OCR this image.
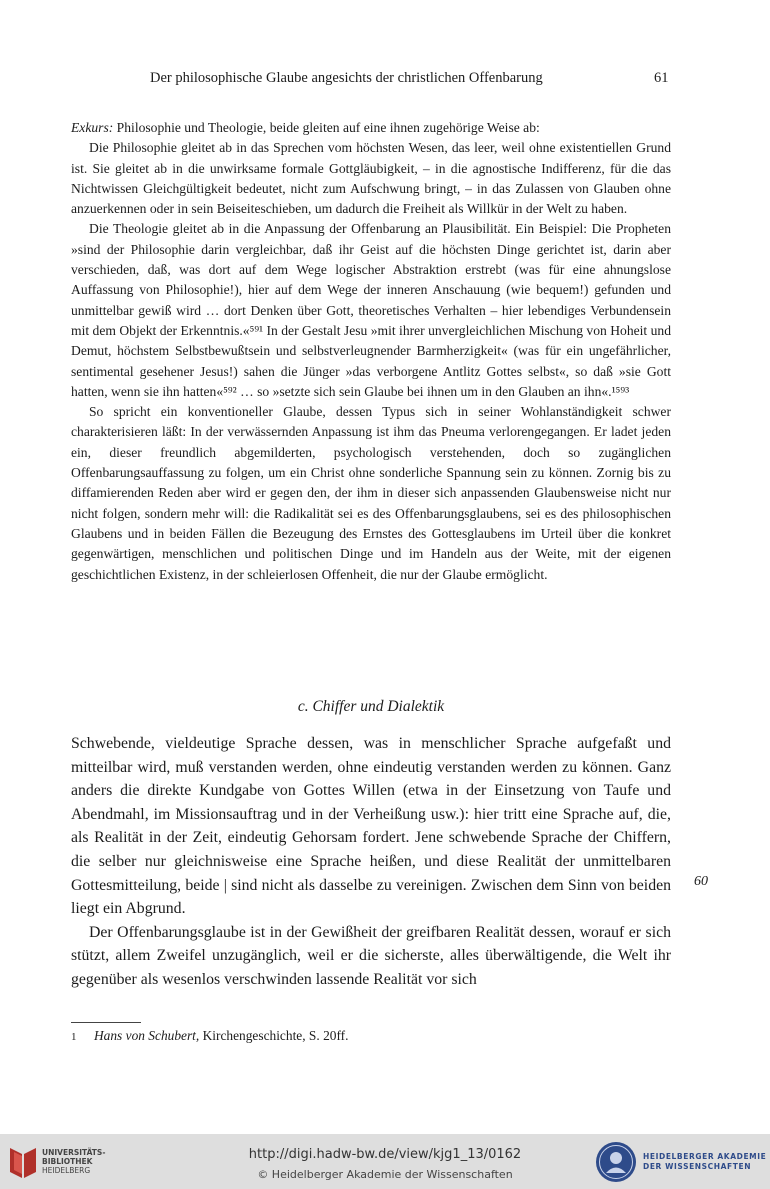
Der philosophische Glaube angesichts der christlichen Offenbarung	61

Exkurs: Philosophie und Theologie, beide gleiten auf eine ihnen zugehörige Weise ab:

Die Philosophie gleitet ab in das Sprechen vom höchsten Wesen, das leer, weil ohne existentiellen Grund ist. Sie gleitet ab in die unwirksame formale Gottgläubigkeit, – in die agnostische Indifferenz, für die das Nichtwissen Gleichgültigkeit bedeutet, nicht zum Aufschwung bringt, – in das Zulassen von Glauben ohne anzuerkennen oder in sein Beiseiteschieben, um dadurch die Freiheit als Willkür in der Welt zu haben.

Die Theologie gleitet ab in die Anpassung der Offenbarung an Plausibilität. Ein Beispiel: Die Propheten »sind der Philosophie darin vergleichbar, daß ihr Geist auf die höchsten Dinge gerichtet ist, darin aber verschieden, daß, was dort auf dem Wege logischer Abstraktion erstrebt (was für eine ahnungslose Auffassung von Philosophie!), hier auf dem Wege der inneren Anschauung (wie bequem!) gefunden und unmittelbar gewiß wird … dort Denken über Gott, theoretisches Verhalten – hier lebendiges Verbundensein mit dem Objekt der Erkenntnis.«⁵⁹¹ In der Gestalt Jesu »mit ihrer unvergleichlichen Mischung von Hoheit und Demut, höchstem Selbstbewußtsein und selbstverleugnender Barmherzigkeit« (was für ein ungefährlicher, sentimental gesehener Jesus!) sahen die Jünger »das verborgene Antlitz Gottes selbst«, so daß »sie Gott hatten, wenn sie ihn hatten«⁵⁹² … so »setzte sich sein Glaube bei ihnen um in den Glauben an ihn«.¹⁵⁹³

So spricht ein konventioneller Glaube, dessen Typus sich in seiner Wohlanständigkeit schwer charakterisieren läßt: In der verwässernden Anpassung ist ihm das Pneuma verlorengegangen. Er ladet jeden ein, dieser freundlich abgemilderten, psychologisch verstehenden, doch so zugänglichen Offenbarungsauffassung zu folgen, um ein Christ ohne sonderliche Spannung sein zu können. Zornig bis zu diffamierenden Reden aber wird er gegen den, der ihm in dieser sich anpassenden Glaubensweise nicht nur nicht folgen, sondern mehr will: die Radikalität sei es des Offenbarungsglaubens, sei es des philosophischen Glaubens und in beiden Fällen die Bezeugung des Ernstes des Gottesglaubens im Urteil über die konkret gegenwärtigen, menschlichen und politischen Dinge und im Handeln aus der Weite, mit der eigenen geschichtlichen Existenz, in der schleierlosen Offenheit, die nur der Glaube ermöglicht.

c. Chiffer und Dialektik

Schwebende, vieldeutige Sprache dessen, was in menschlicher Sprache aufgefaßt und mitteilbar wird, muß verstanden werden, ohne eindeutig verstanden werden zu können. Ganz anders die direkte Kundgabe von Gottes Willen (etwa in der Einsetzung von Taufe und Abendmahl, im Missionsauftrag und in der Verheißung usw.): hier tritt eine Sprache auf, die, als Realität in der Zeit, eindeutig Gehorsam fordert. Jene schwebende Sprache der Chiffern, die selber nur gleichnisweise eine Sprache heißen, und diese Realität der unmittelbaren Gottesmitteilung, beide | sind nicht als dasselbe zu vereinigen. Zwischen dem Sinn von beiden liegt ein Abgrund.

Der Offenbarungsglaube ist in der Gewißheit der greifbaren Realität dessen, worauf er sich stützt, allem Zweifel unzugänglich, weil er die sicherste, alles überwältigende, die Welt ihr gegenüber als wesenlos verschwinden lassende Realität vor sich

60
1 Hans von Schubert, Kirchengeschichte, S. 20ff.
UNIVERSITÄTS-
BIBLIOTHEK
HEIDELBERG
http://digi.hadw-bw.de/view/kjg1_13/0162
© Heidelberger Akademie der Wissenschaften
HEIDELBERGER AKADEMIE
DER WISSENSCHAFTEN
